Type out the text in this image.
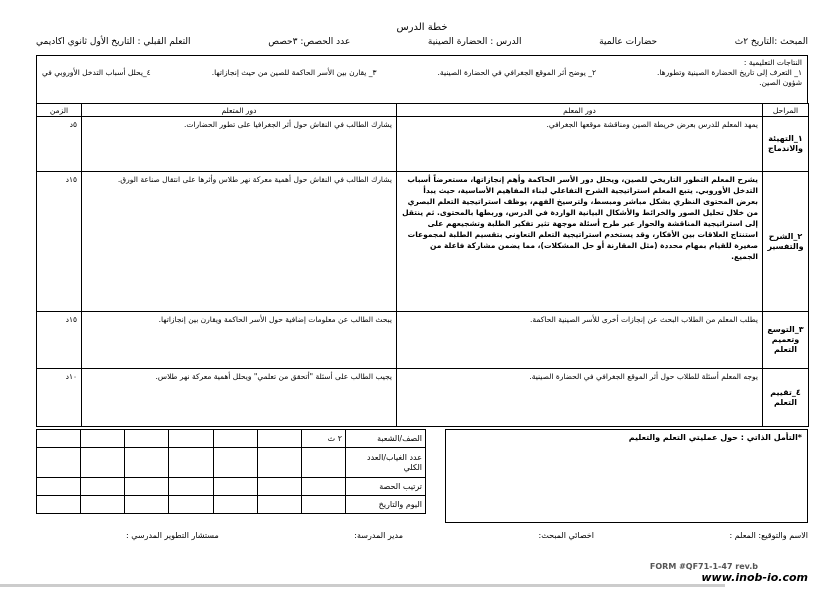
خطة الدرس
المبحث :التاريخ ٢ث
حضارات عالمية
الدرس : الحضارة الصينية
عدد الحصص: ٣حصص
التعلم القبلي : التاريخ الأول ثانوي اكاديمي
النتاجات التعليمية :
١_ التعرف إلى تاريخ الحضارة الصينية وتطورها.
٢_ يوضح أثر الموقع الجغرافي في الحضارة الصينية.
٣_ يقارن بين الأسر الحاكمة للصين من حيث إنجازاتها.
٤_يحلل أسباب التدخل الأوروبي في
شؤون الصين.
المراحل	دور المعلم	دور المتعلم	الزمن

١_التهيئة والاندماج	يمهد المعلم للدرس بعرض خريطة الصين ومناقشة موقعها الجغرافي.	يشارك الطالب في النقاش حول أثر الجغرافيا على تطور الحضارات.	٥د

٢_الشرح والتفسير	يشرح المعلم التطور التاريخي للصين، ويحلل دور الأسر الحاكمة وأهم إنجازاتها، مستعرضاً أسباب التدخل الأوروبي. يتبع المعلم استراتيجية الشرح التفاعلي لبناء المفاهيم الأساسية، حيث يبدأ بعرض المحتوى النظري بشكل مباشر ومبسط، ولترسيخ الفهم، يوظف استراتيجية التعلم البصري من خلال تحليل الصور والخرائط والأشكال البيانية الواردة في الدرس، وربطها بالمحتوى. ثم ينتقل إلى استراتيجية المناقشة والحوار عبر طرح أسئلة موجهة تثير تفكير الطلبة وتشجيعهم على استنتاج العلاقات بين الأفكار، وقد يستخدم استراتيجية التعلم التعاوني بتقسيم الطلبة لمجموعات صغيرة للقيام بمهام محددة (مثل المقارنة أو حل المشكلات)، مما يضمن مشاركة فاعلة من الجميع.	يشارك الطالب في النقاش حول أهمية معركة نهر طلاس وأثرها على انتقال صناعة الورق.	١٥د

٣_التوسع وتعميم التعلم	يطلب المعلم من الطلاب البحث عن إنجازات أخرى للأسر الصينية الحاكمة.	يبحث الطالب عن معلومات إضافية حول الأسر الحاكمة ويقارن بين إنجازاتها.	١٥د

٤_تقييم التعلم	يوجه المعلم أسئلة للطلاب حول أثر الموقع الجغرافي في الحضارة الصينية.	يجيب الطالب على أسئلة "أتحقق من تعلمي" ويحلل أهمية معركة نهر طلاس.	١٠د
*التأمل الذاتي : حول عمليتي التعلم والتعليم
الصف/الشعبة	٢ ث						
عدد الغياب/العدد الكلي							
ترتيب الحصة							
اليوم والتاريخ							
الاسم والتوقيع: المعلم :
اخصائي المبحث:
مدير المدرسة:
مستشار التطوير المدرسي :
FORM #QF71-1-47 rev.b
www.inob-io.com
